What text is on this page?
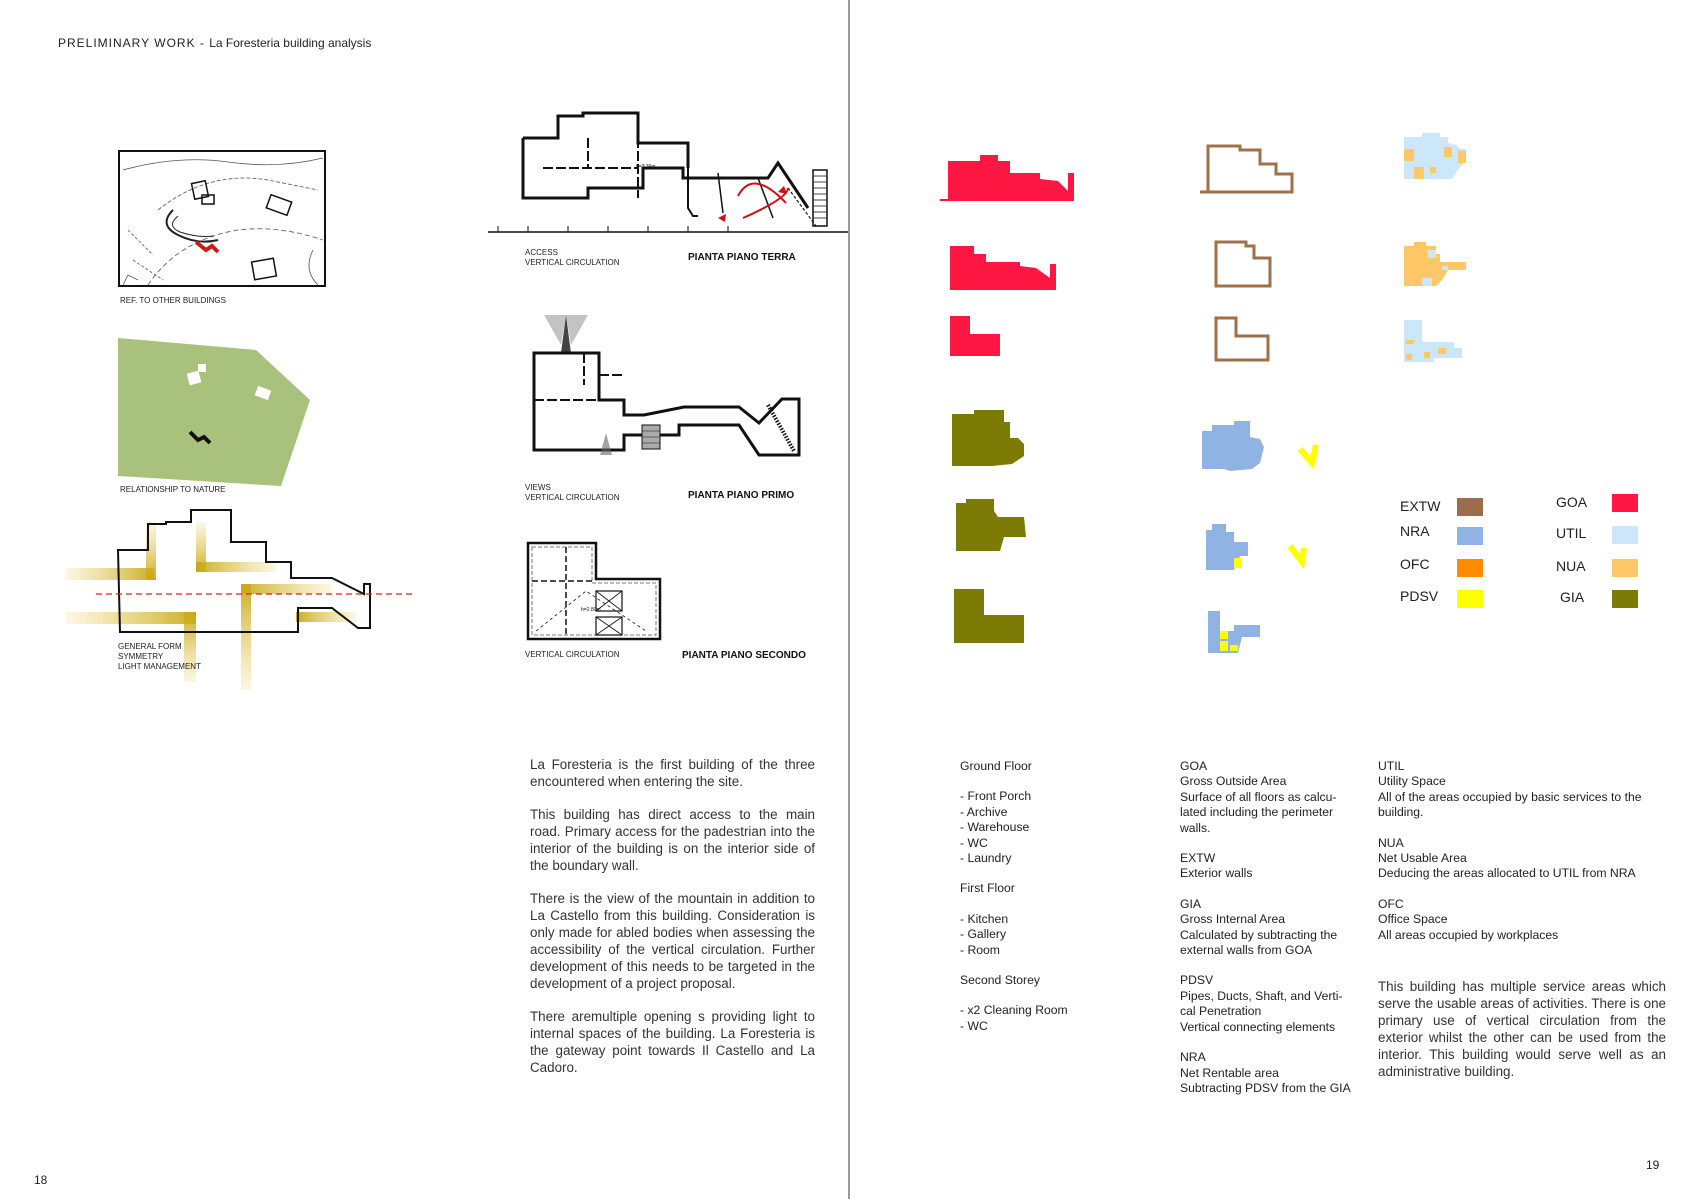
PRELIMINARY WORK - La Foresteria building analysis
REF. TO OTHER BUILDINGS
RELATIONSHIP TO NATURE
GENERAL FORM
SYMMETRY
LIGHT MANAGEMENT
h=3.36m
ACCESS
VERTICAL CIRCULATION	PIANTA PIANO TERRA
VIEWS
VERTICAL CIRCULATION	PIANTA PIANO PRIMO
h=2.80m
VERTICAL CIRCULATION	PIANTA PIANO SECONDO

La Foresteria is the first building of the three encountered when entering the site.

This building has direct access to the main road. Primary access for the padestrian into the interior of the building is on the interior side of the boundary wall.

There is the view of the mountain in addition to La Castello from this building. Consideration is only made for abled bodies when assessing the accessibility of the vertical circulation. Further development of this needs to be targeted in the development of a project proposal.

There aremultiple opening s providing light to internal spaces of the building. La Foresteria is the gateway point towards Il Castello and La Cadoro.

18
EXTW
NRA
OFC
PDSV
GOA
UTIL
NUA
GIA

Ground Floor

- Front Porch

- Archive

- Warehouse

- WC

- Laundry

First Floor

- Kitchen

- Gallery

- Room

Second Storey

- x2 Cleaning Room

- WC

GOA

Gross Outside Area

Surface of all floors as calcu-

lated including the perimeter

walls.

EXTW

Exterior walls

GIA

Gross Internal Area

Calculated by subtracting the

external walls from GOA

PDSV

Pipes, Ducts, Shaft, and Verti-

cal Penetration

Vertical connecting elements

NRA

Net Rentable area

Subtracting PDSV from the GIA

UTIL

Utility Space

All of the areas occupied by basic services to the

building.

NUA

Net Usable Area

Deducing the areas allocated to UTIL from NRA

OFC

Office Space

All areas occupied by workplaces

This building has multiple service areas which serve the usable areas of activities. There is one primary use of vertical circulation from the exterior whilst the other can be used from the interior. This building would serve well as an administrative building.
19
